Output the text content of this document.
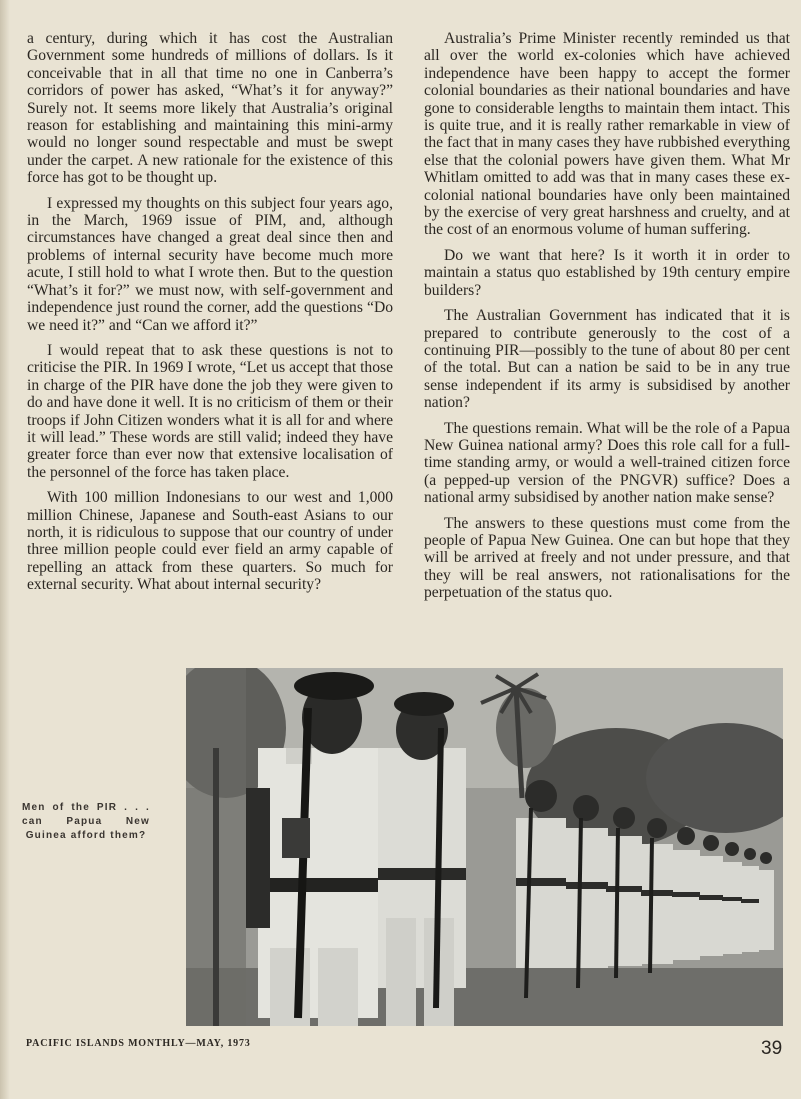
a century, during which it has cost the Australian Government some hundreds of millions of dollars. Is it conceivable that in all that time no one in Canberra’s corridors of power has asked, “What’s it for anyway?” Surely not. It seems more likely that Australia’s original reason for establishing and maintaining this mini-army would no longer sound respectable and must be swept under the carpet. A new rationale for the existence of this force has got to be thought up.

I expressed my thoughts on this subject four years ago, in the March, 1969 issue of PIM, and, although circumstances have changed a great deal since then and problems of internal security have become much more acute, I still hold to what I wrote then. But to the question “What’s it for?” we must now, with self-government and independence just round the corner, add the questions “Do we need it?” and “Can we afford it?”

I would repeat that to ask these questions is not to criticise the PIR. In 1969 I wrote, “Let us accept that those in charge of the PIR have done the job they were given to do and have done it well. It is no criticism of them or their troops if John Citizen wonders what it is all for and where it will lead.” These words are still valid; indeed they have greater force than ever now that extensive localisation of the personnel of the force has taken place.

With 100 million Indonesians to our west and 1,000 million Chinese, Japanese and South-east Asians to our north, it is ridiculous to suppose that our country of under three million people could ever field an army capable of repelling an attack from these quarters. So much for external security. What about internal security?

Australia’s Prime Minister recently reminded us that all over the world ex-colonies which have achieved independence have been happy to accept the former colonial boundaries as their national boundaries and have gone to considerable lengths to maintain them intact. This is quite true, and it is really rather remarkable in view of the fact that in many cases they have rubbished everything else that the colonial powers have given them. What Mr Whitlam omitted to add was that in many cases these ex-colonial national boundaries have only been maintained by the exercise of very great harshness and cruelty, and at the cost of an enormous volume of human suffering.

Do we want that here? Is it worth it in order to maintain a status quo established by 19th century empire builders?

The Australian Government has indicated that it is prepared to contribute generously to the cost of a continuing PIR—possibly to the tune of about 80 per cent of the total. But can a nation be said to be in any true sense independent if its army is subsidised by another nation?

The questions remain. What will be the role of a Papua New Guinea national army? Does this role call for a full-time standing army, or would a well-trained citizen force (a pepped-up version of the PNGVR) suffice? Does a national army subsidised by another nation make sense?

The answers to these questions must come from the people of Papua New Guinea. One can but hope that they will be arrived at freely and not under pressure, and that they will be real answers, not rationalisations for the perpetuation of the status quo.

Men of the PIR . . . can Papua New Guinea afford them?
PACIFIC ISLANDS MONTHLY—MAY, 1973	39
